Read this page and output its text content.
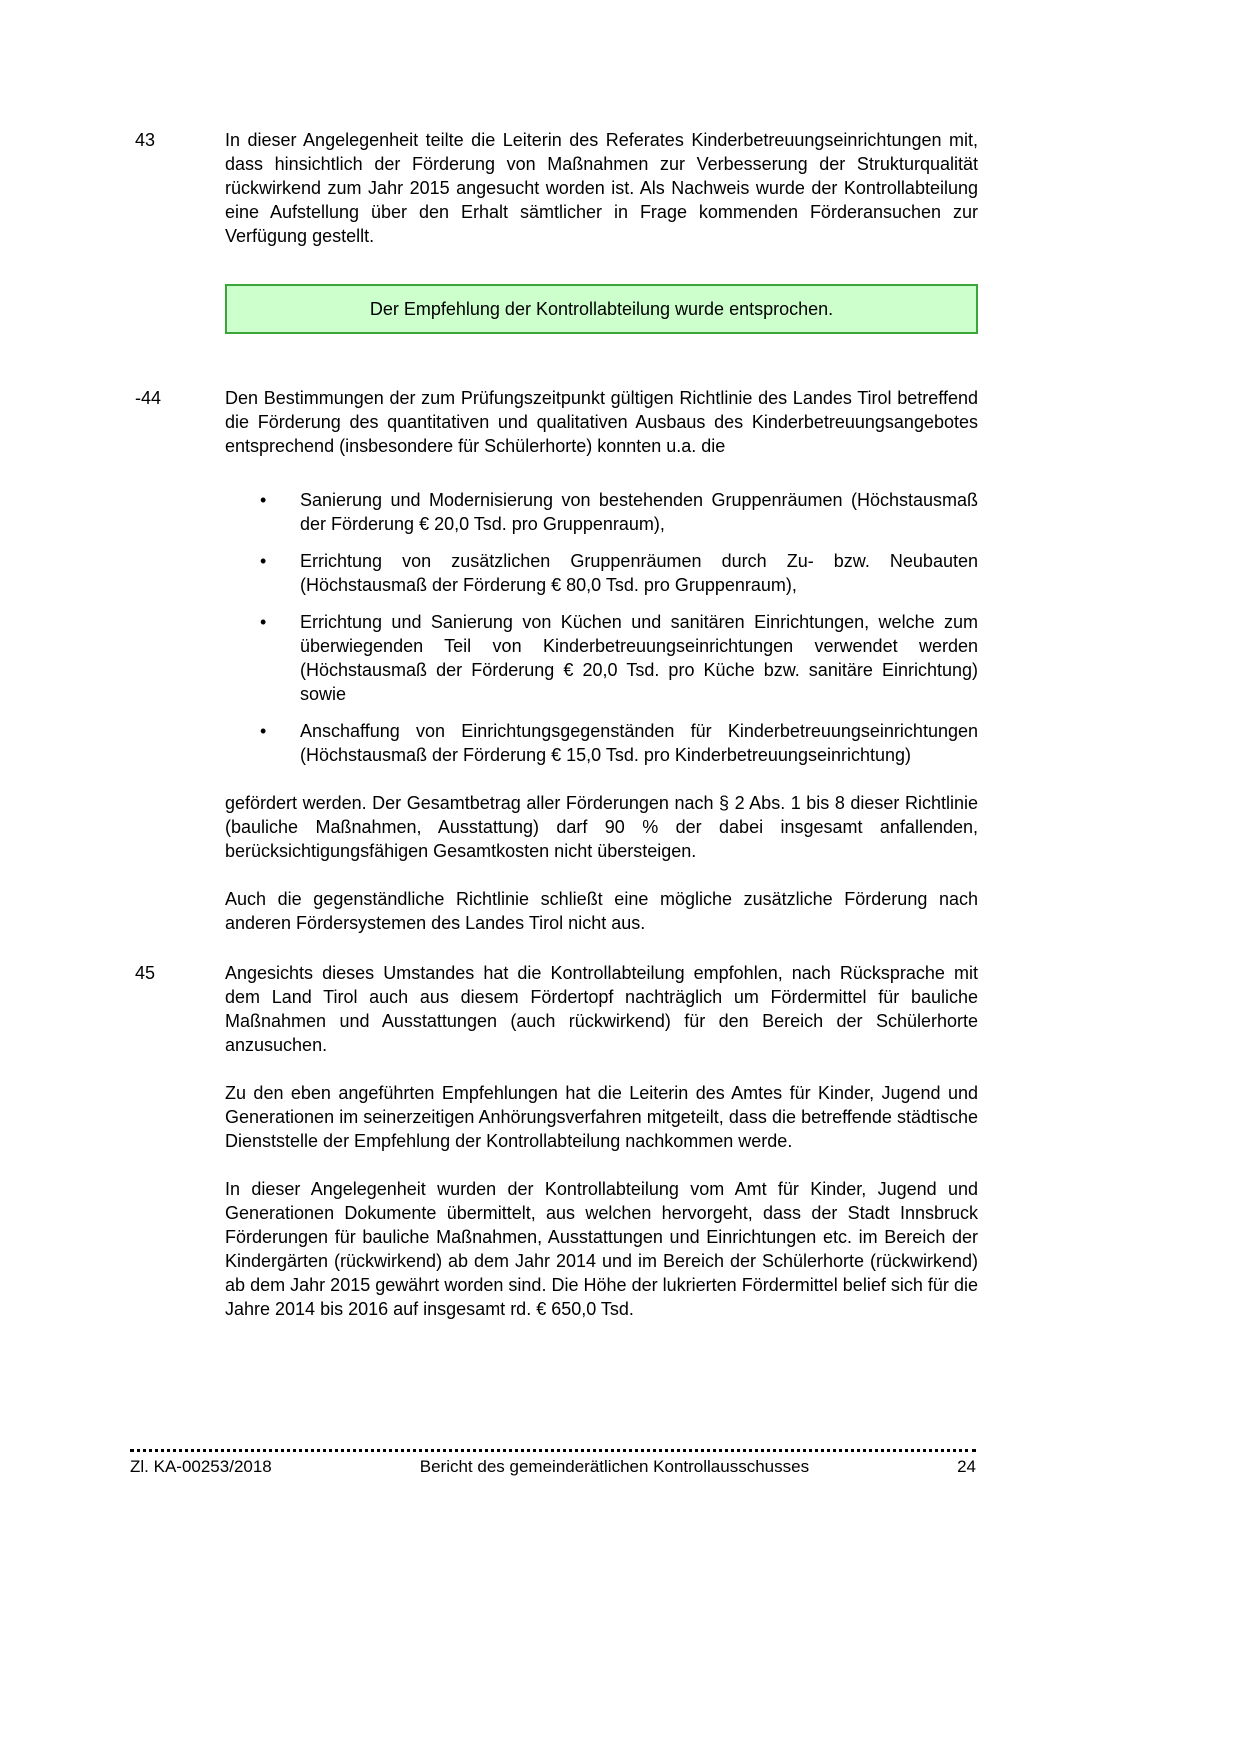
43	In dieser Angelegenheit teilte die Leiterin des Referates Kinderbetreuungseinrichtungen mit, dass hinsichtlich der Förderung von Maßnahmen zur Verbesserung der Strukturqualität rückwirkend zum Jahr 2015 angesucht worden ist. Als Nachweis wurde der Kontrollabteilung eine Aufstellung über den Erhalt sämtlicher in Frage kommenden Förderansuchen zur Verfügung gestellt.

Der Empfehlung der Kontrollabteilung wurde entsprochen.
-44	Den Bestimmungen der zum Prüfungszeitpunkt gültigen Richtlinie des Landes Tirol betreffend die Förderung des quantitativen und qualitativen Ausbaus des Kinderbetreuungsangebotes entsprechend (insbesondere für Schülerhorte) konnten u.a. die

• Sanierung und Modernisierung von bestehenden Gruppenräumen (Höchstausmaß der Förderung € 20,0 Tsd. pro Gruppenraum),
• Errichtung von zusätzlichen Gruppenräumen durch Zu- bzw. Neubauten (Höchstausmaß der Förderung € 80,0 Tsd. pro Gruppenraum),
• Errichtung und Sanierung von Küchen und sanitären Einrichtungen, welche zum überwiegenden Teil von Kinderbetreuungseinrichtungen verwendet werden (Höchstausmaß der Förderung € 20,0 Tsd. pro Küche bzw. sanitäre Einrichtung) sowie
• Anschaffung von Einrichtungsgegenständen für Kinderbetreuungseinrichtungen (Höchstausmaß der Förderung € 15,0 Tsd. pro Kinderbetreuungseinrichtung)

gefördert werden. Der Gesamtbetrag aller Förderungen nach § 2 Abs. 1 bis 8 dieser Richtlinie (bauliche Maßnahmen, Ausstattung) darf 90 % der dabei insgesamt anfallenden, berücksichtigungsfähigen Gesamtkosten nicht übersteigen.

Auch die gegenständliche Richtlinie schließt eine mögliche zusätzliche Förderung nach anderen Fördersystemen des Landes Tirol nicht aus.

45	Angesichts dieses Umstandes hat die Kontrollabteilung empfohlen, nach Rücksprache mit dem Land Tirol auch aus diesem Fördertopf nachträglich um Fördermittel für bauliche Maßnahmen und Ausstattungen (auch rückwirkend) für den Bereich der Schülerhorte anzusuchen.

Zu den eben angeführten Empfehlungen hat die Leiterin des Amtes für Kinder, Jugend und Generationen im seinerzeitigen Anhörungsverfahren mitgeteilt, dass die betreffende städtische Dienststelle der Empfehlung der Kontrollabteilung nachkommen werde.

In dieser Angelegenheit wurden der Kontrollabteilung vom Amt für Kinder, Jugend und Generationen Dokumente übermittelt, aus welchen hervorgeht, dass der Stadt Innsbruck Förderungen für bauliche Maßnahmen, Ausstattungen und Einrichtungen etc. im Bereich der Kindergärten (rückwirkend) ab dem Jahr 2014 und im Bereich der Schülerhorte (rückwirkend) ab dem Jahr 2015 gewährt worden sind. Die Höhe der lukrierten Fördermittel belief sich für die Jahre 2014 bis 2016 auf insgesamt rd. € 650,0 Tsd.

Zl. KA-00253/2018	Bericht des gemeinderätlichen Kontrollausschusses	24
